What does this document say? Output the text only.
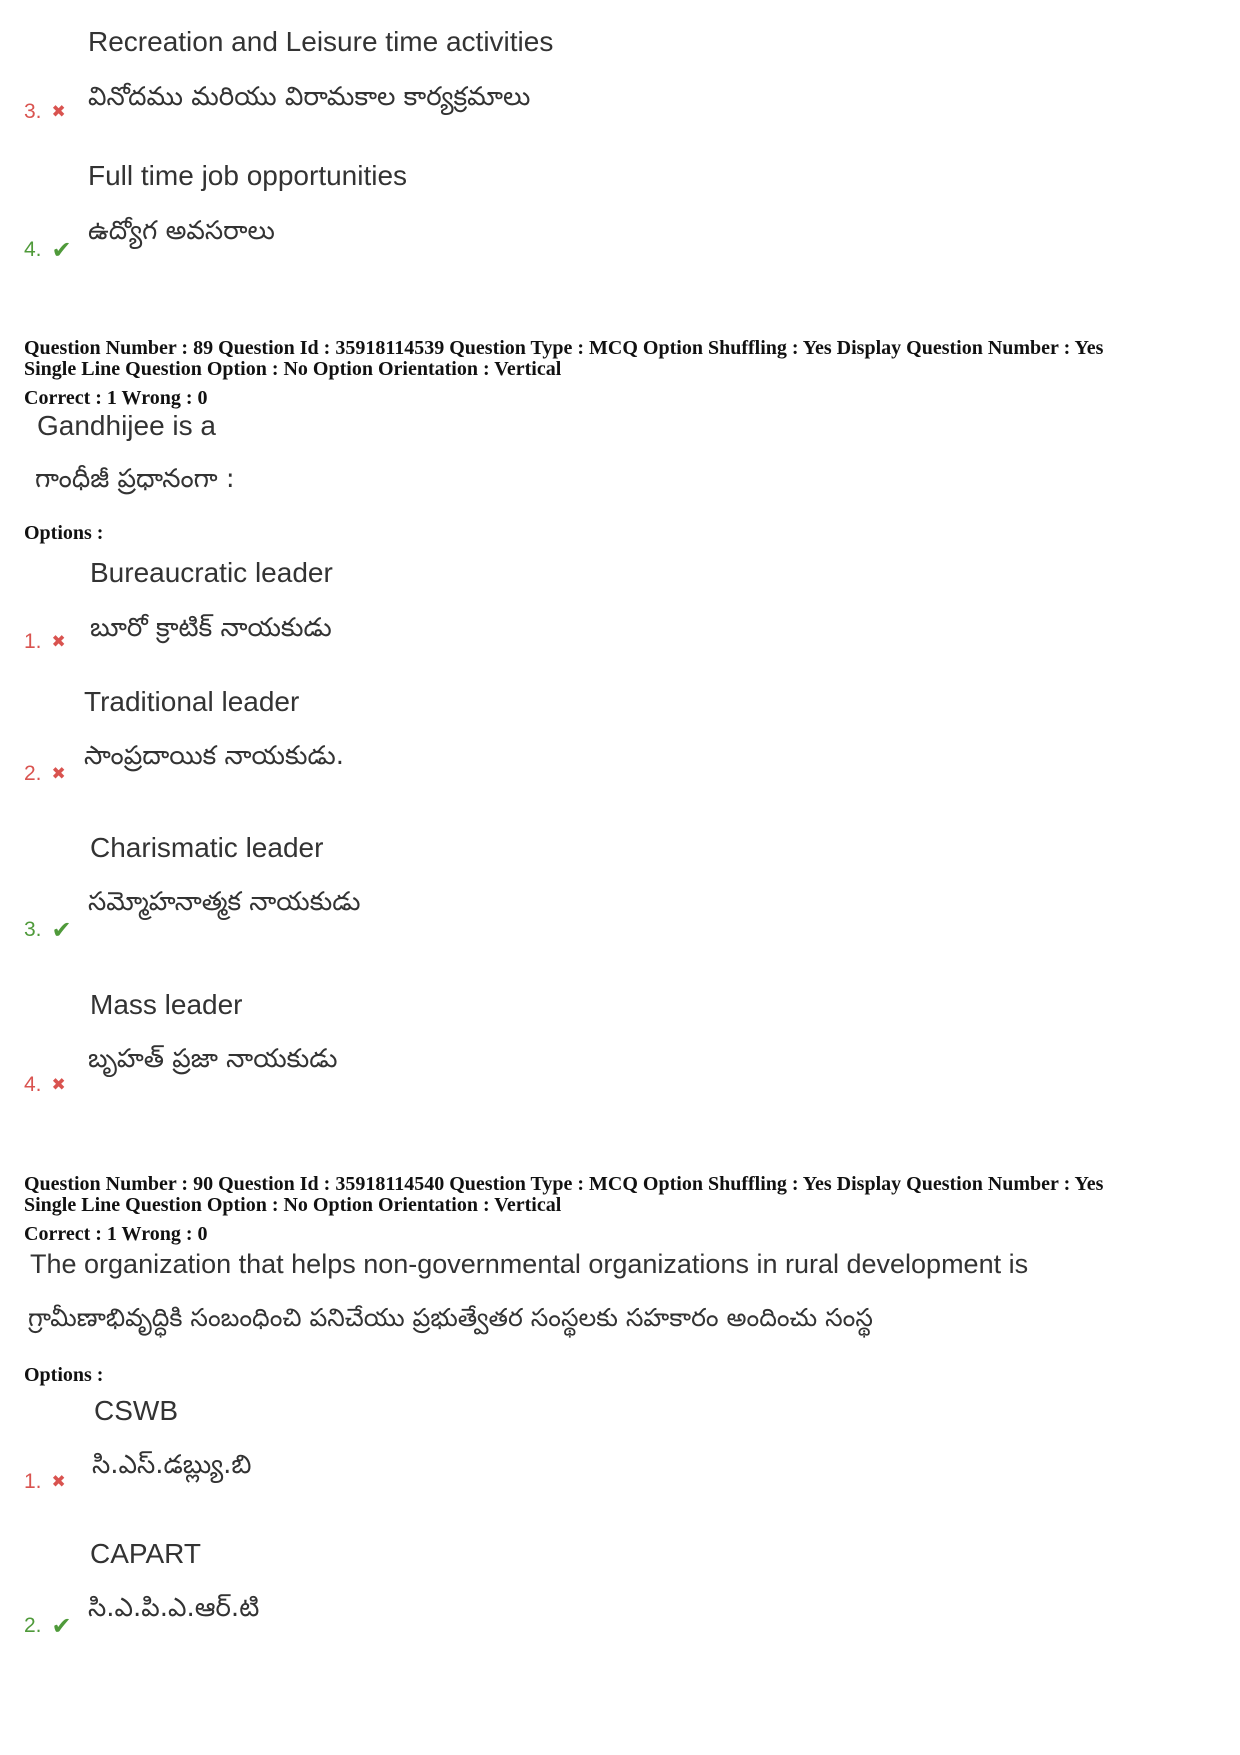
Recreation and Leisure time activities
వినోదము మరియు విరామకాల కార్యక్రమాలు
3. ✖
Full time job opportunities
ఉద్యోగ అవసరాలు
4. ✔
Question Number : 89 Question Id : 35918114539 Question Type : MCQ Option Shuffling : Yes Display Question Number : Yes
Single Line Question Option : No Option Orientation : Vertical
Correct : 1 Wrong : 0
Gandhijee is a
గాంధీజీ ప్రధానంగా :
Options :
Bureaucratic leader
బూరో క్రాటిక్ నాయకుడు
1. ✖
Traditional leader
సాంప్రదాయిక నాయకుడు.
2. ✖
Charismatic leader
సమ్మోహనాత్మక నాయకుడు
3. ✔
Mass leader
బృహత్ ప్రజా నాయకుడు
4. ✖
Question Number : 90 Question Id : 35918114540 Question Type : MCQ Option Shuffling : Yes Display Question Number : Yes
Single Line Question Option : No Option Orientation : Vertical
Correct : 1 Wrong : 0
The organization that helps non-governmental organizations in rural development is
గ్రామీణాభివృద్ధికి సంబంధించి పనిచేయు ప్రభుత్వేతర సంస్థలకు సహకారం అందించు సంస్థ
Options :
CSWB
సి.ఎస్.డబ్ల్యు.బి
1. ✖
CAPART
సి.ఎ.పి.ఎ.ఆర్.టి
2. ✔
